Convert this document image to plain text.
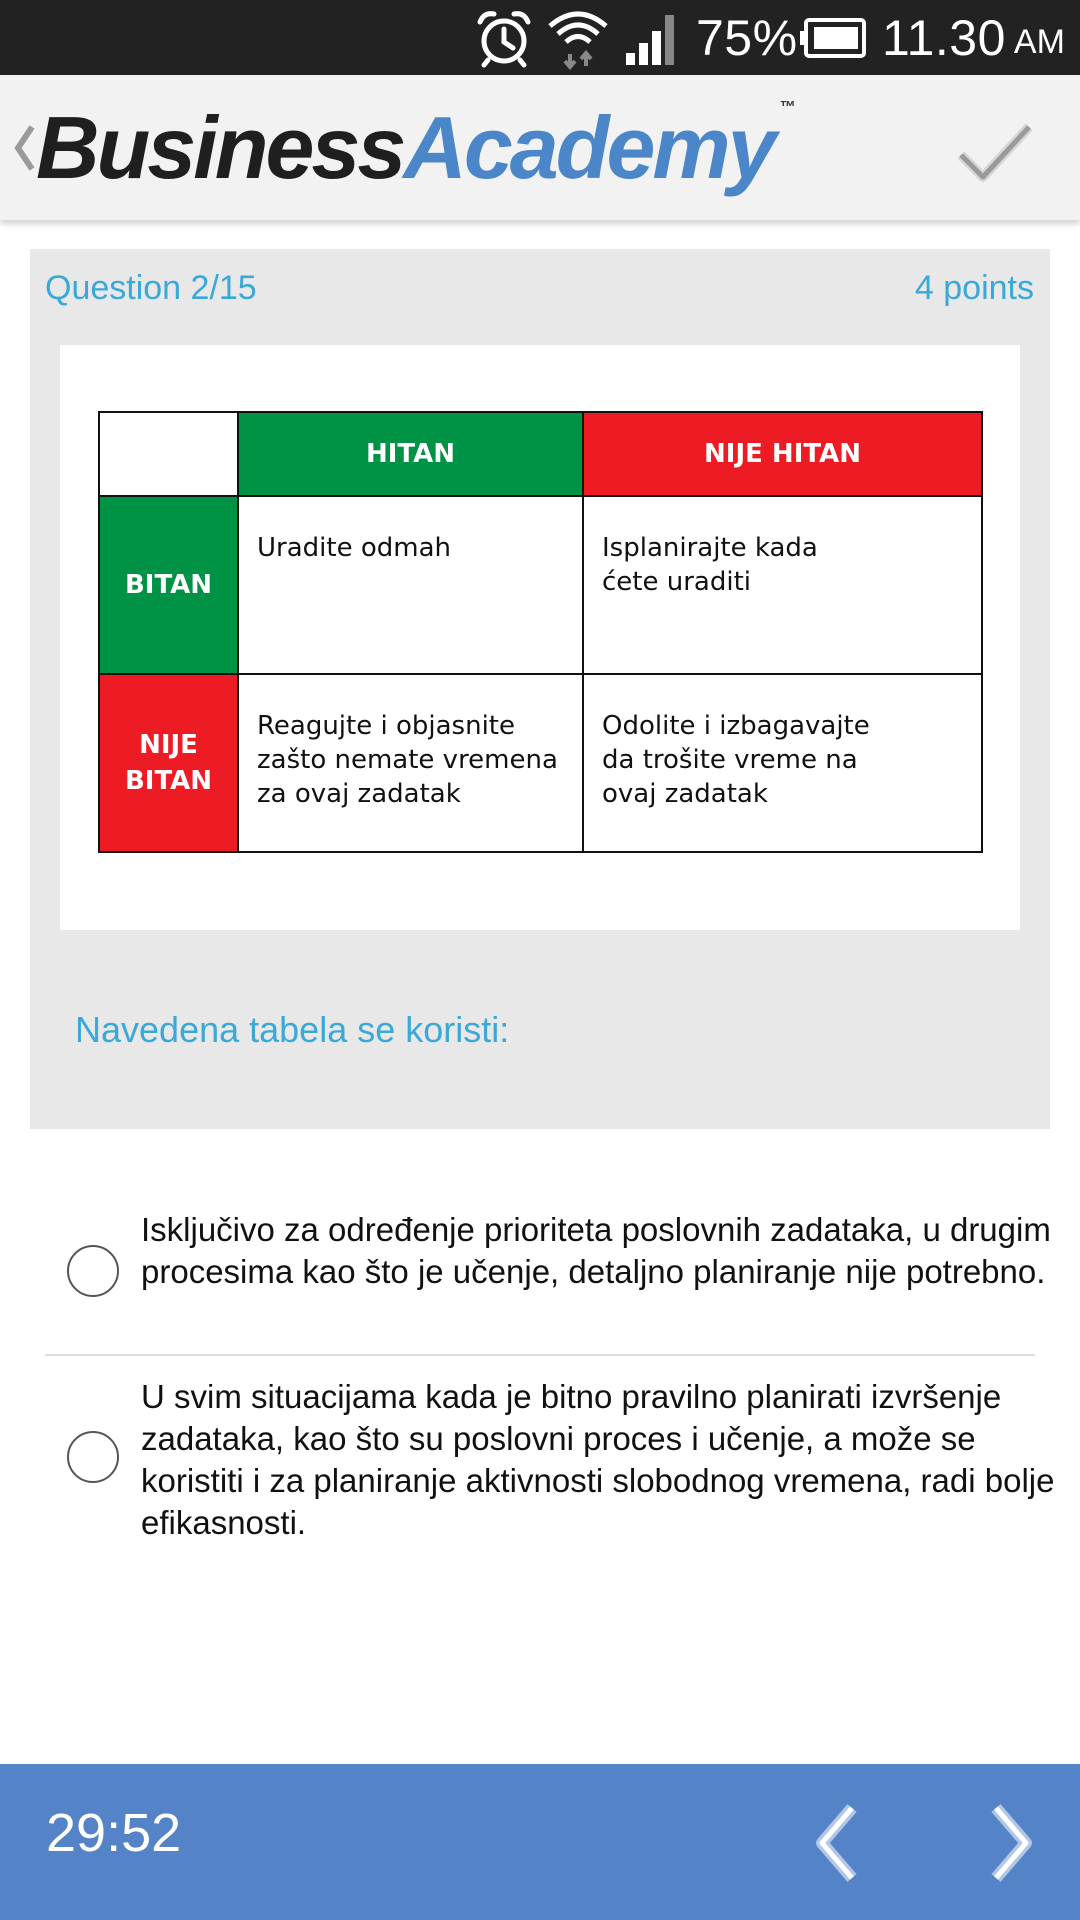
75% 11.30 AM
Business Academy ™
Question 2/15	4 points
	HITAN	NIJE HITAN
BITAN	Uradite odmah	Isplanirajte kada
ćete uraditi

NIJE
BITAN	Reagujte i objasnite
zašto nemate vremena
za ovaj zadatak	Odolite i izbagavajte
da trošite vreme na
ovaj zadatak
Navedena tabela se koristi:
Isključivo za određenje prioriteta poslovnih zadataka, u drugim procesima kao što je učenje, detaljno planiranje nije potrebno.
U svim situacijama kada je bitno pravilno planirati izvršenje zadataka, kao što su poslovni proces i učenje, a može se koristiti i za planiranje aktivnosti slobodnog vremena, radi bolje efikasnosti.
29:52
